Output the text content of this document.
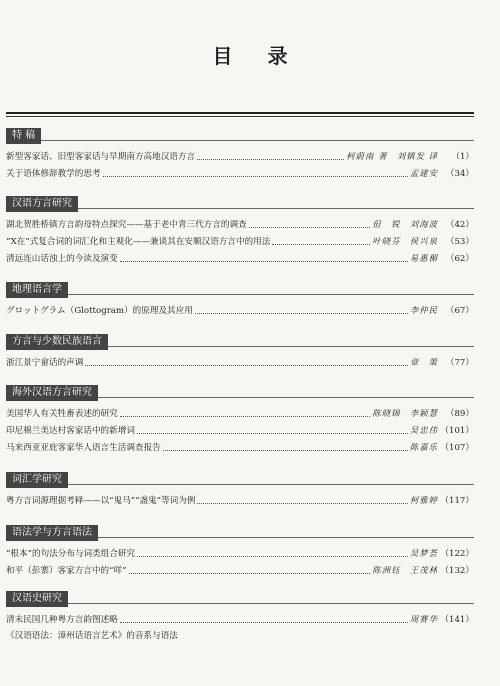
目 录
特 稿
新型客家话、旧型客家话与早期南方高地汉语方言	柯蔚南 著　刘镇发 译	（1）
关于语体修辞教学的思考	孟建安 （34）
汉语方言研究
湖北贺胜桥镇方言韵母特点探究——基于老中青三代方言的调查	但　锐　刘海波 （42）
“X在”式复合词的词汇化和主观化——兼谈其在安顺汉语方言中的用法	叶晓芬　侯兴泉 （53）
清远连山话浊上的今读及演变	易惠楣 （62）
地理语言学
グロットグラム（Glottogram）的原理及其应用	李仲民 （67）
方言与少数民族语言
浙江景宁畲话的声调	章　策 （77）
海外汉语方言研究
美国华人有关牲畜表述的研究	陈晓锦　李颖慧 （89）
印尼棉兰美达村客家话中的新增词	吴忠伟 （101）
马来西亚亚庇客家华人语言生活调查报告	陈嘉乐 （107）
词汇学研究
粤方言词源理据考释——以“鬼马”“盏鬼”等词为例	柯雅婷 （117）
语法学与方言语法
“根本”的句法分布与词类组合研究	吴梦荟 （122）
和平（彭寨）客家方言中的“咩”	陈洲钰　王茂林 （132）
汉语史研究
清末民国几种粤方言韵图述略	周赛华 （141）
《汉语语法：漳州话语言艺术》的音系与语法
